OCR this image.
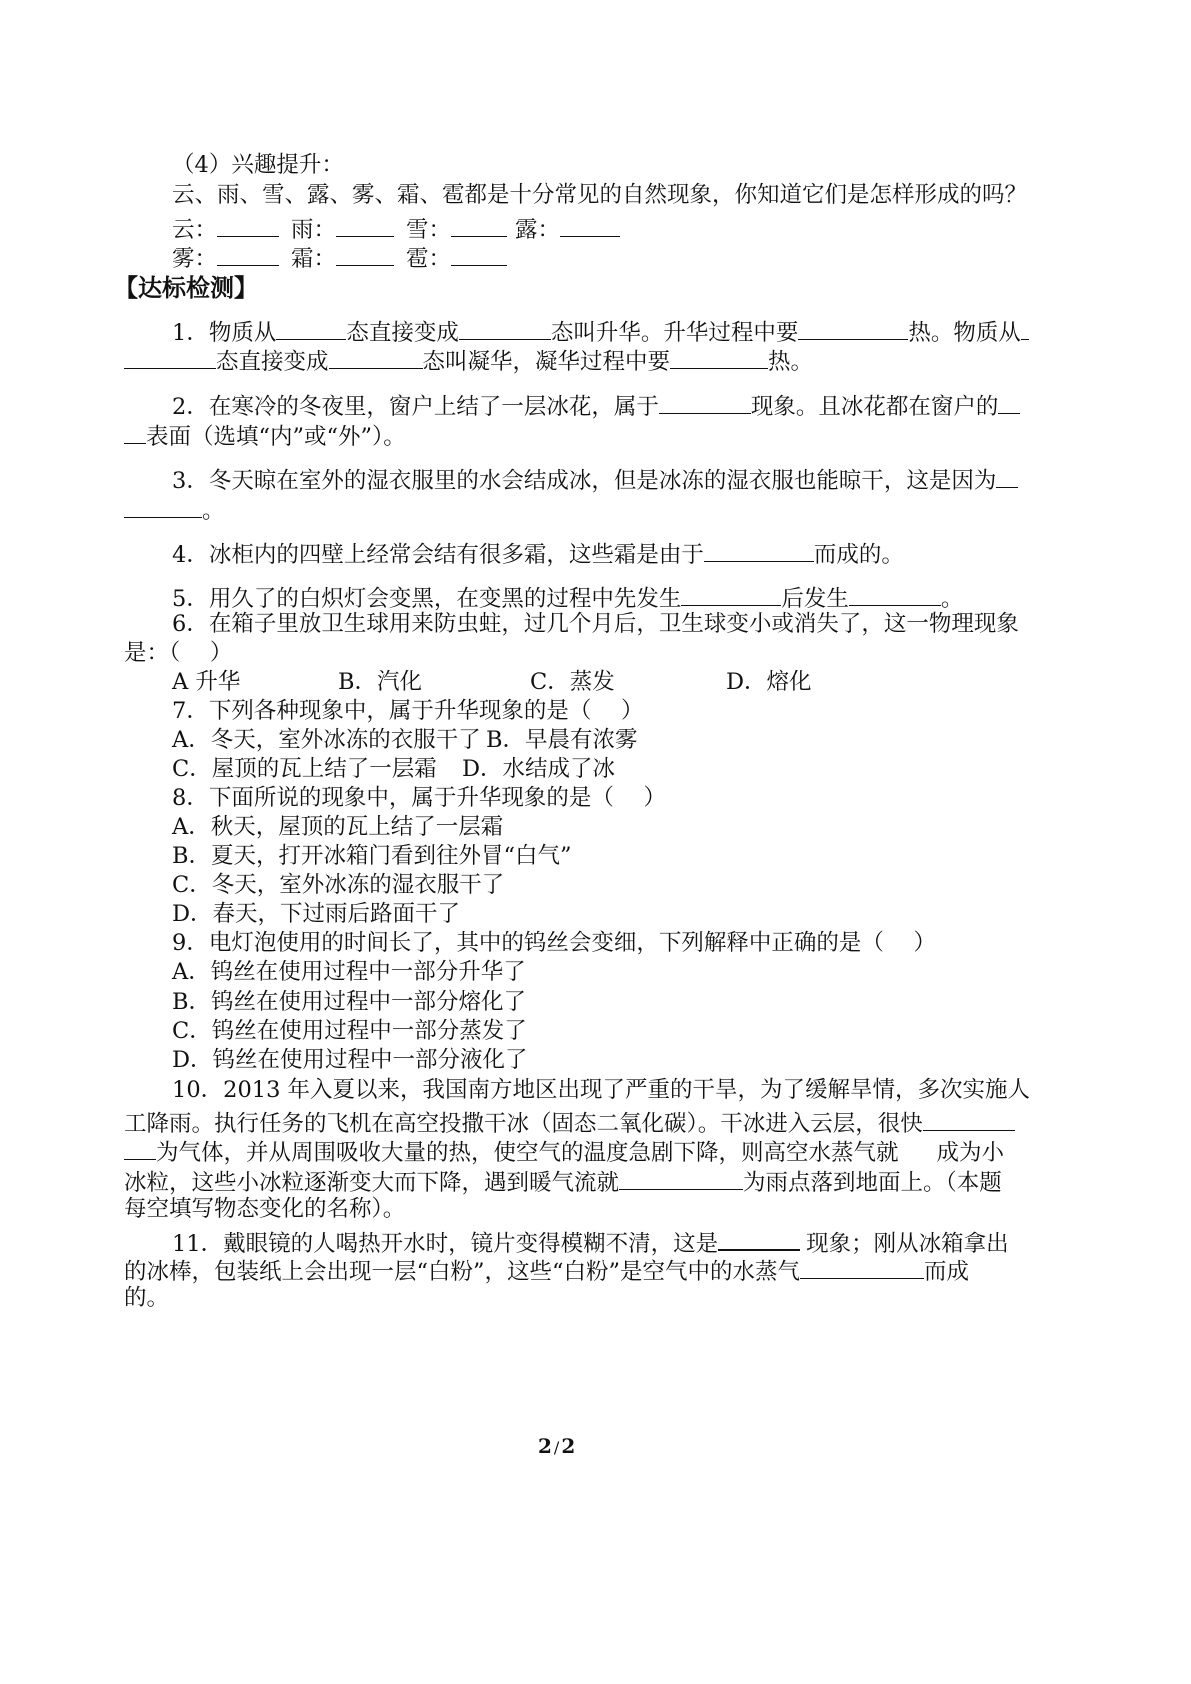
（4）兴趣提升：
云、雨、雪、露、雾、霜、雹都是十分常见的自然现象，你知道它们是怎样形成的吗？
云：	雨：	雪：	露：
雾：	霜：	雹：
【达标检测】
1．物质从	态直接变成	态叫升华。升华过程中要	热。物质从
态直接变成	态叫凝华，凝华过程中要	热。
2．在寒冷的冬夜里，窗户上结了一层冰花，属于	现象。且冰花都在窗户的
表面（选填“内”或“外”）。
3．冬天晾在室外的湿衣服里的水会结成冰，但是冰冻的湿衣服也能晾干，这是因为
。
4．冰柜内的四壁上经常会结有很多霜，这些霜是由于	而成的。
5．用久了的白炽灯会变黑，在变黑的过程中先发生	后发生	。
6．在箱子里放卫生球用来防虫蛀，过几个月后，卫生球变小或消失了，这一物理现象
是：（　 ）
A 升华	B．汽化	C．蒸发	D．熔化
7．下列各种现象中，属于升华现象的是（　 ）
A．冬天，室外冰冻的衣服干了 B．早晨有浓雾
C．屋顶的瓦上结了一层霜 D．水结成了冰
8．下面所说的现象中，属于升华现象的是（　 ）
A．秋天，屋顶的瓦上结了一层霜
B．夏天，打开冰箱门看到往外冒“白气”
C．冬天，室外冰冻的湿衣服干了
D．春天，下过雨后路面干了
9．电灯泡使用的时间长了，其中的钨丝会变细，下列解释中正确的是（　 ）
A．钨丝在使用过程中一部分升华了
B．钨丝在使用过程中一部分熔化了
C．钨丝在使用过程中一部分蒸发了
D．钨丝在使用过程中一部分液化了
10．2013 年入夏以来，我国南方地区出现了严重的干旱，为了缓解旱情，多次实施人
工降雨。执行任务的飞机在高空投撒干冰（固态二氧化碳）。干冰进入云层，很快
为气体，并从周围吸收大量的热，使空气的温度急剧下降，则高空水蒸气就 成为小
冰粒，这些小冰粒逐渐变大而下降，遇到暖气流就	为雨点落到地面上。（本题
每空填写物态变化的名称）。
11．戴眼镜的人喝热开水时，镜片变得模糊不清，这是	现象；刚从冰箱拿出
的冰棒，包装纸上会出现一层“白粉”，这些“白粉”是空气中的水蒸气	而成
的。
2 / 2
